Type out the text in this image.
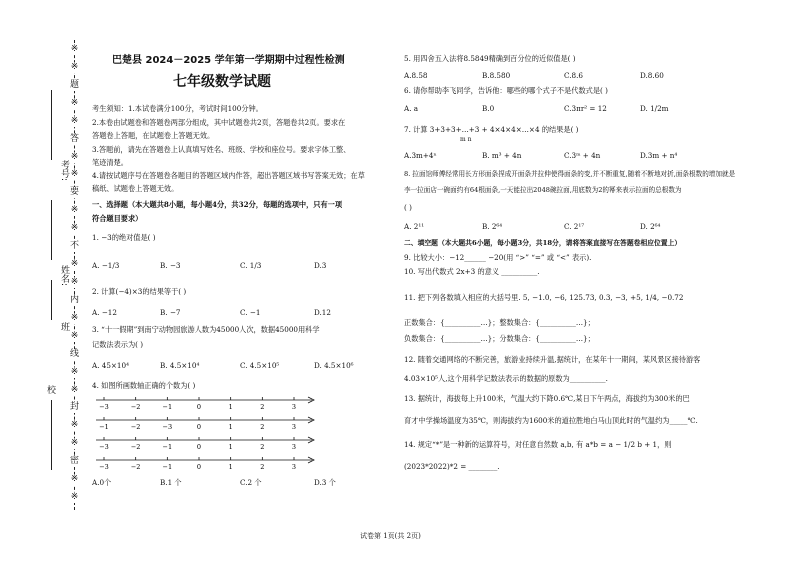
※
※
题
※
※
答
※
※
要
※
※
不
※
※
内
※
※
线
※
※
封
※
※
密
※
※
考号:
姓名:
班
校
巴楚县 2024－2025 学年第一学期期中过程性检测
七年级数学试题
考生须知：1.本试卷满分100分，考试时间100分钟。
2.本卷由试题卷和答题卷两部分组成，其中试题卷共2页，答题卷共2页。要求在
答题卷上答题，在试题卷上答题无效。
3.答题前，请先在答题卷上认真填写姓名、班级、学校和座位号。要求字体工整、
笔迹清楚。
4.请按试题序号在答题卷各题目的答题区域内作答，超出答题区域书写答案无效；在草
稿纸、试题卷上答题无效。
一、选择题（本大题共8小题，每小题4分，共32分，每题的选项中，只有一项
符合题目要求）
1. −3的绝对值是( )
A. −1/3	B. −3	C. 1/3	D.3
2. 计算(−4)×3的结果等于( )
A. −12	B. −7	C. −1	D.12
3. “十一假期”到南宁动物园旅游人数为45000人次，数据45000用科学
记数法表示为( )
A. 45×10⁴	B. 4.5×10⁴	C. 4.5×10⁵	D. 4.5×10⁶
4. 如图所画数轴正确的个数为( )
−3	−2	−1	0	1	2	3
−1	−2	−3	0	1	2	3
−3	−2	−1	0	1	2	3
−3	−2	−1	0	1	2	3
A.0个	B.1 个	C.2 个	D.3 个
5. 用四舍五入法将8.5849精确到百分位的近似值是( )
A.8.58	B.8.580	C.8.6	D.8.60
6. 请你帮助李飞同学，告诉他：哪些的哪个式子不是代数式是( )
A. a	B.0	C.3πr² = 12	D. 1/2m
7. 计算 3+3+3+…+3 + 4×4×4×…×4 的结果是( )
m n
A.3m+4ⁿ	B. m³ + 4n	C.3ᵐ + 4n	D.3m + n⁴
8. 拉面馆师傅经常用长方形面条捏成开面条并拉伸使得面条的变,并不断重复,随着不断地对折,面条根数的增加就是
李一拉面店一碗面约有64根面条,一天能拉出2048碗拉面,用底数为2的幂来表示拉面的总根数为
( )
A. 2¹¹	B. 2⁶⁴	C. 2¹⁷	D. 2⁶⁴
二、填空题（本大题共6小题，每小题3分，共18分，请将答案直接写在答题卷相应位置上）
9. 比较大小：−12______ −20(用 “>” “=” 或 “<” 表示).
10. 写出代数式 2x+3 的意义 __________.
11. 把下列各数填入相应的大括号里. 5, −1.0, −6, 125.73, 0.3, −3, +5, 1/4, −0.72
正数集合：{__________…}；整数集合：{__________…}；
负数集合：{__________…}；分数集合：{__________…}；
12. 随着交通网络的不断完善，旅游业持续升温,据统计，在某年十一期间，某风景区接待游客
4.03×10⁵人,这个用科学记数法表示的数据的原数为__________.
13. 据统计，海拔每上升100米，气温大约下降0.6℃,某日下午两点，海拔约为300米的巴
育才中学操场温度为35℃，则海拔约为1600米的道拉胜地白马山顶此时的气温约为_____℃.
14. 规定“*”是一种新的运算符号，对任意自然数 a,b, 有 a*b = a − 1/2 b + 1，则
(2023*2022)*2 = ________.
试卷第 1页(共 2页)
